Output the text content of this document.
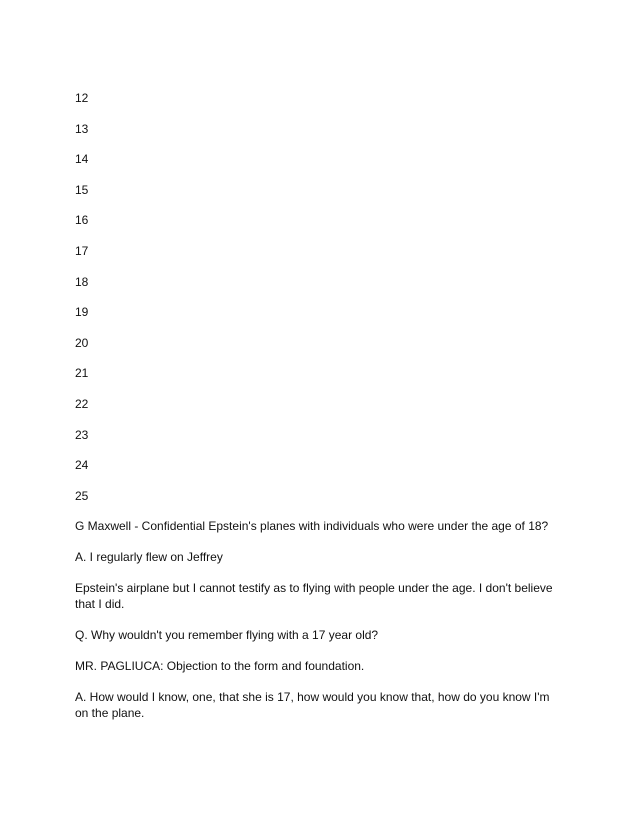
12
13
14
15
16
17
18
19
20
21
22
23
24
25

G Maxwell - Confidential Epstein's planes with individuals who were under the age of 18?

A. I regularly flew on Jeffrey

Epstein's airplane but I cannot testify as to flying with people under the age. I don't believe that I did.

Q. Why wouldn't you remember flying with a 17 year old?

MR. PAGLIUCA: Objection to the form and foundation.

A. How would I know, one, that she is 17, how would you know that, how do you know I'm on the plane.
